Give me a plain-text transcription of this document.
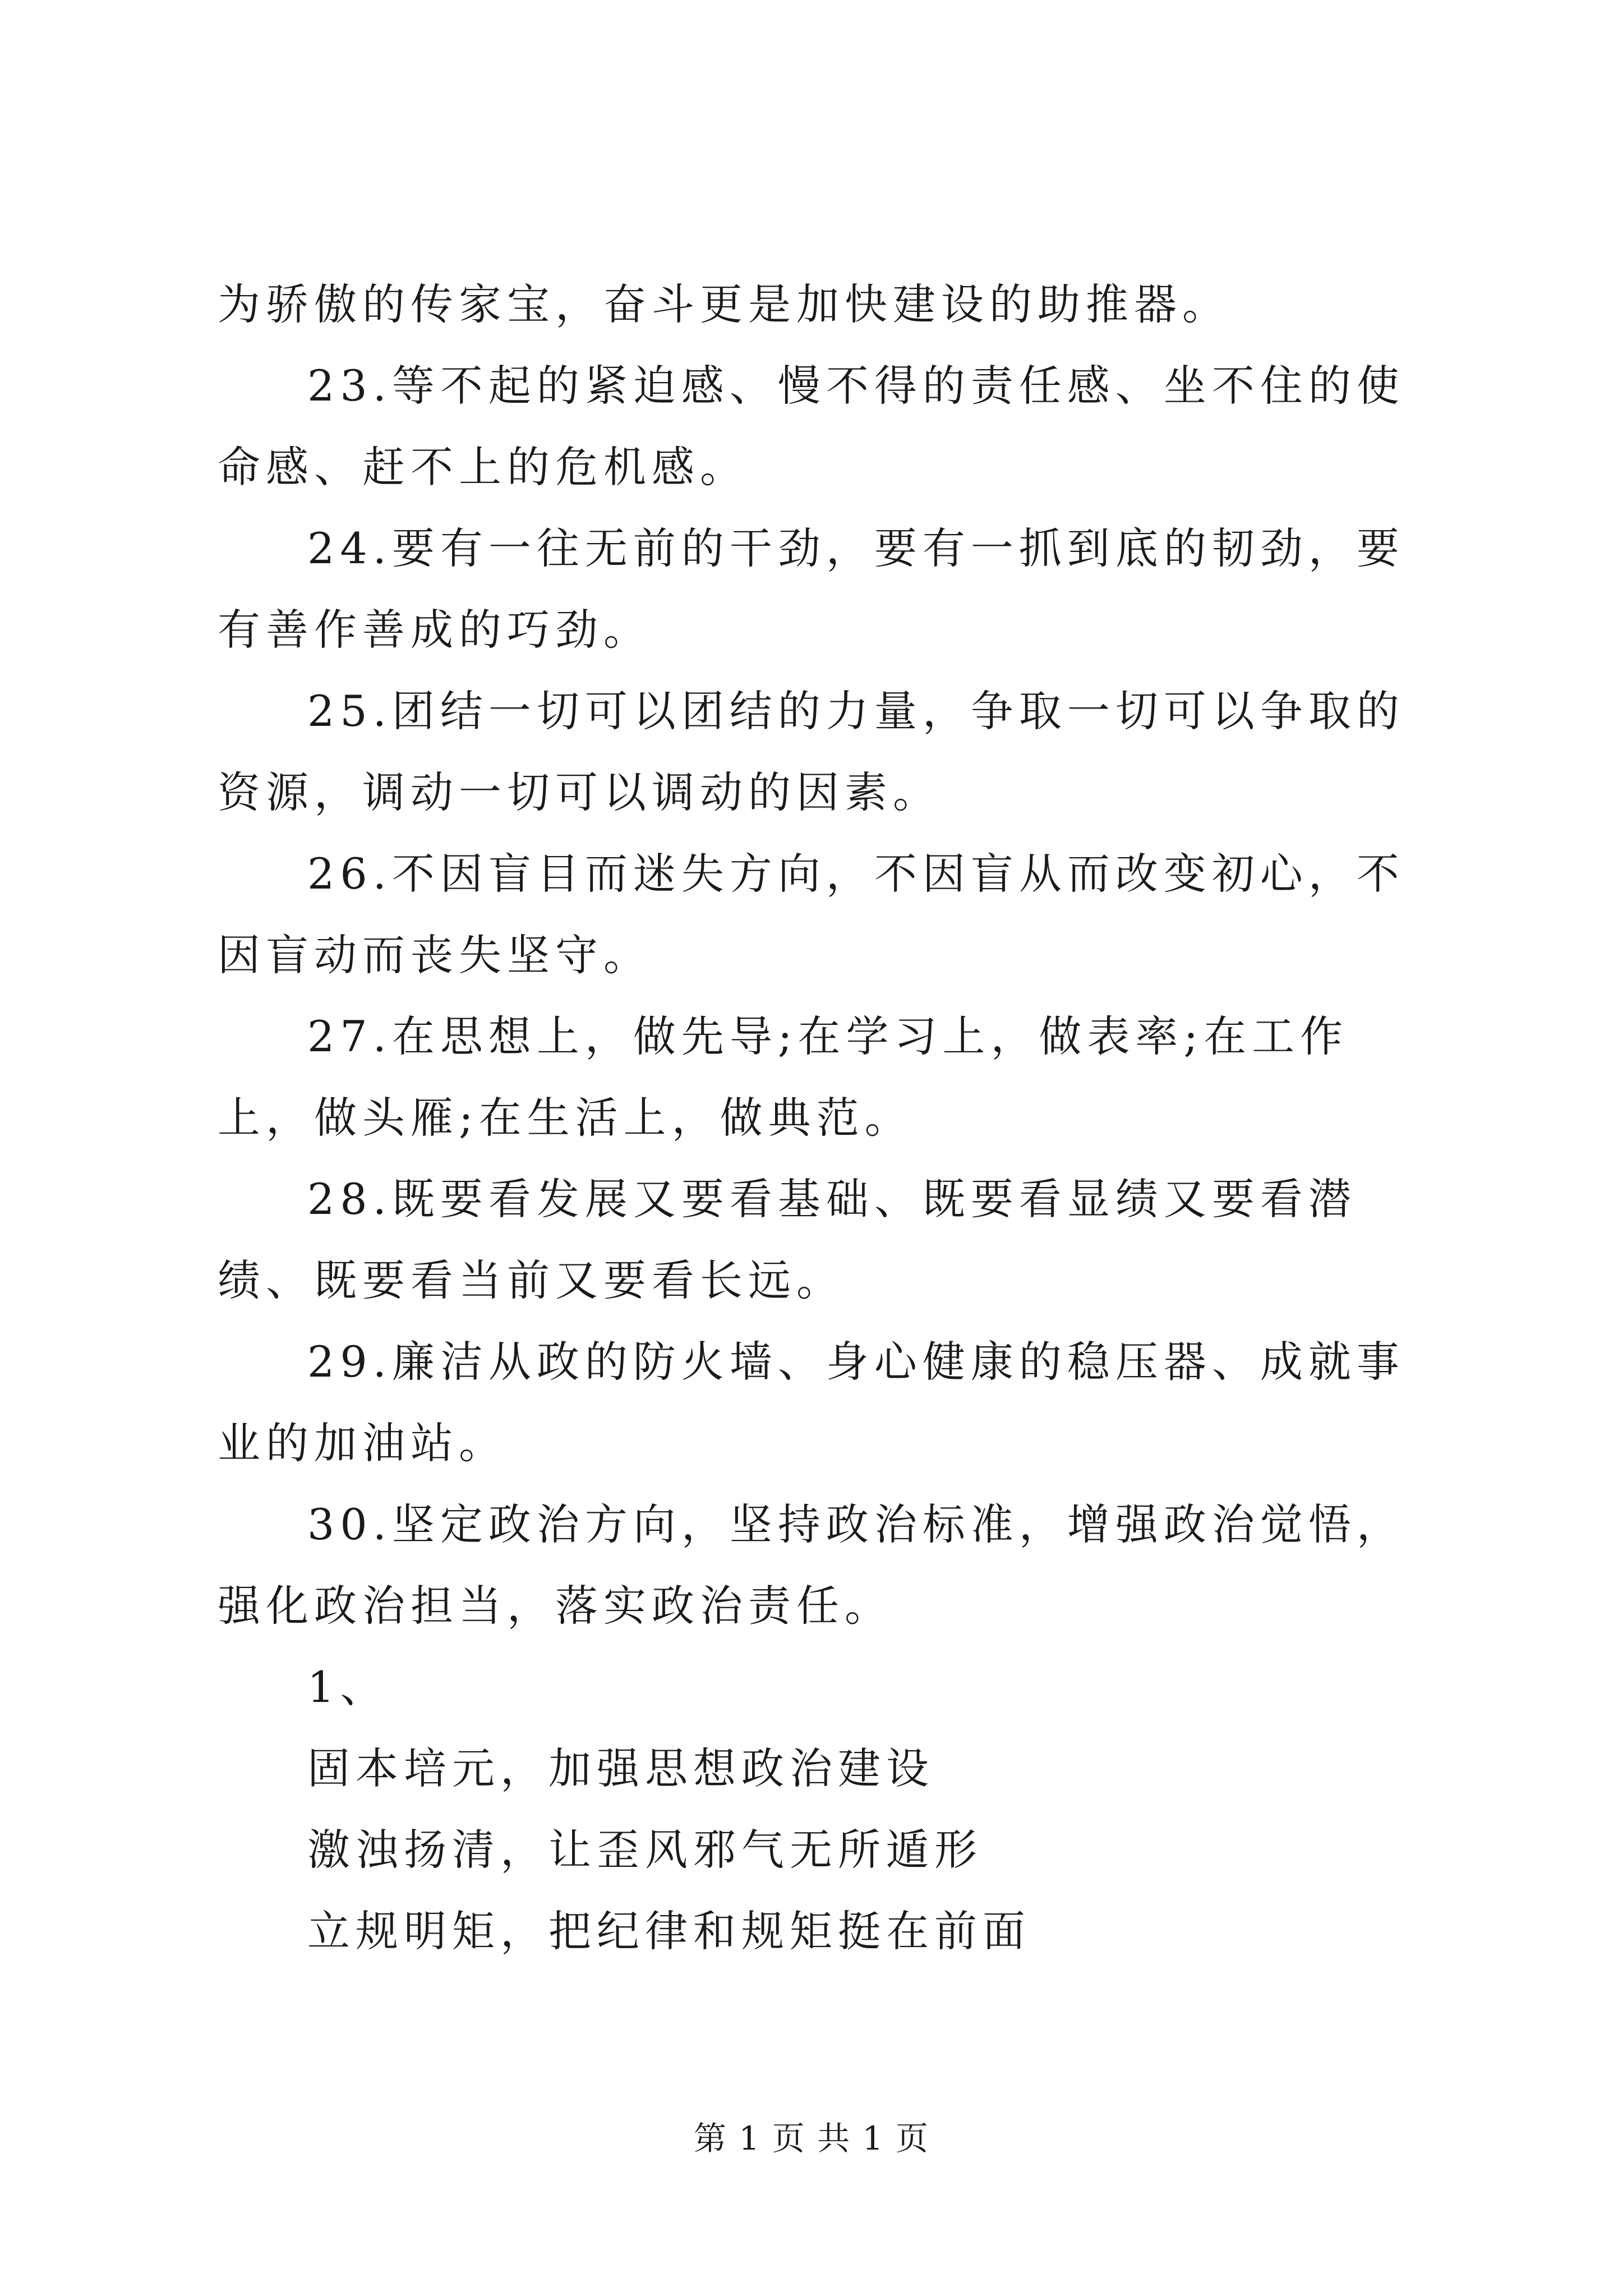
为骄傲的传家宝，奋斗更是加快建设的助推器。

23.等不起的紧迫感、慢不得的责任感、坐不住的使命感、赶不上的危机感。

24.要有一往无前的干劲，要有一抓到底的韧劲，要有善作善成的巧劲。

25.团结一切可以团结的力量，争取一切可以争取的资源，调动一切可以调动的因素。

26.不因盲目而迷失方向，不因盲从而改变初心，不因盲动而丧失坚守。

27.在思想上，做先导;在学习上，做表率;在工作上，做头雁;在生活上，做典范。

28.既要看发展又要看基础、既要看显绩又要看潜绩、既要看当前又要看长远。

29.廉洁从政的防火墙、身心健康的稳压器、成就事业的加油站。

30.坚定政治方向，坚持政治标准，增强政治觉悟，强化政治担当，落实政治责任。

1、

固本培元，加强思想政治建设

激浊扬清，让歪风邪气无所遁形

立规明矩，把纪律和规矩挺在前面

第 1 页 共 1 页
